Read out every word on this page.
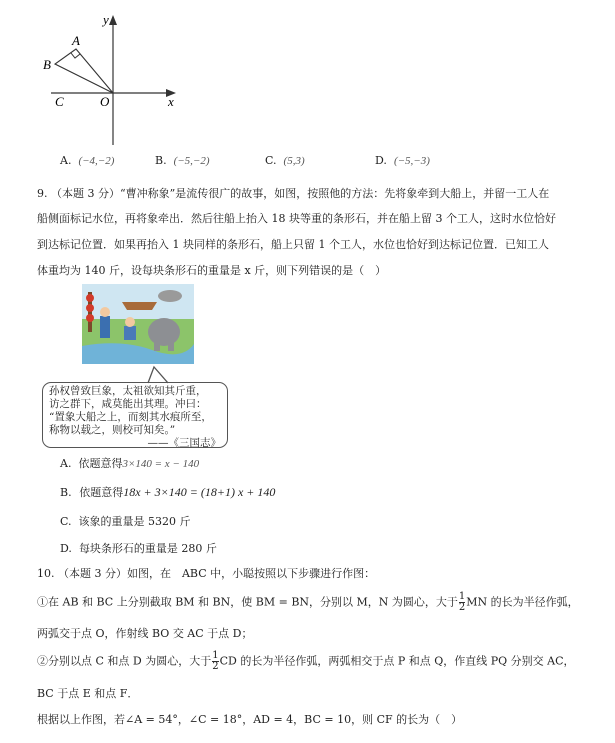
y
A
B
C	O	x
A. (−4,−2)	B. (−5,−2)	C. (5,3)	D. (−5,−3)
9. （本题 3 分）“曹冲称象”是流传很广的故事，如图，按照他的方法：先将象牵到大船上，并留一工人在
船侧面标记水位，再将象牵出．然后往船上抬入 18 块等重的条形石，并在船上留 3 个工人，这时水位恰好
到达标记位置．如果再抬入 1 块同样的条形石，船上只留 1 个工人，水位也恰好到达标记位置．已知工人
体重均为 140 斤，设每块条形石的重量是 x 斤，则下列错误的是（　）
孙权曾致巨象，太祖欲知其斤重，
访之群下，咸莫能出其理。冲曰：
“置象大船之上，而刻其水痕所至，
称物以载之，则校可知矣。”
——《三国志》
A. 依题意得3×140 = x − 140
B. 依题意得18x + 3×140 = (18+1) x + 140
C. 该象的重量是 5320 斤
D. 每块条形石的重量是 280 斤
10. （本题 3 分）如图，在　ABC 中，小聪按照以下步骤进行作图：
①在 AB 和 BC 上分别截取 BM 和 BN，使 BM = BN，分别以 M，N 为圆心，大于 $\frac{1}{2}$ MN 的长为半径作弧，
两弧交于点 O，作射线 BO 交 AC 于点 D；
②分别以点 C 和点 D 为圆心，大于 $\frac{1}{2}$ CD 的长为半径作弧，两弧相交于点 P 和点 Q，作直线 PQ 分别交 AC，
BC 于点 E 和点 F．
根据以上作图，若∠A = 54°，∠C = 18°，AD = 4，BC = 10，则 CF 的长为（　）
